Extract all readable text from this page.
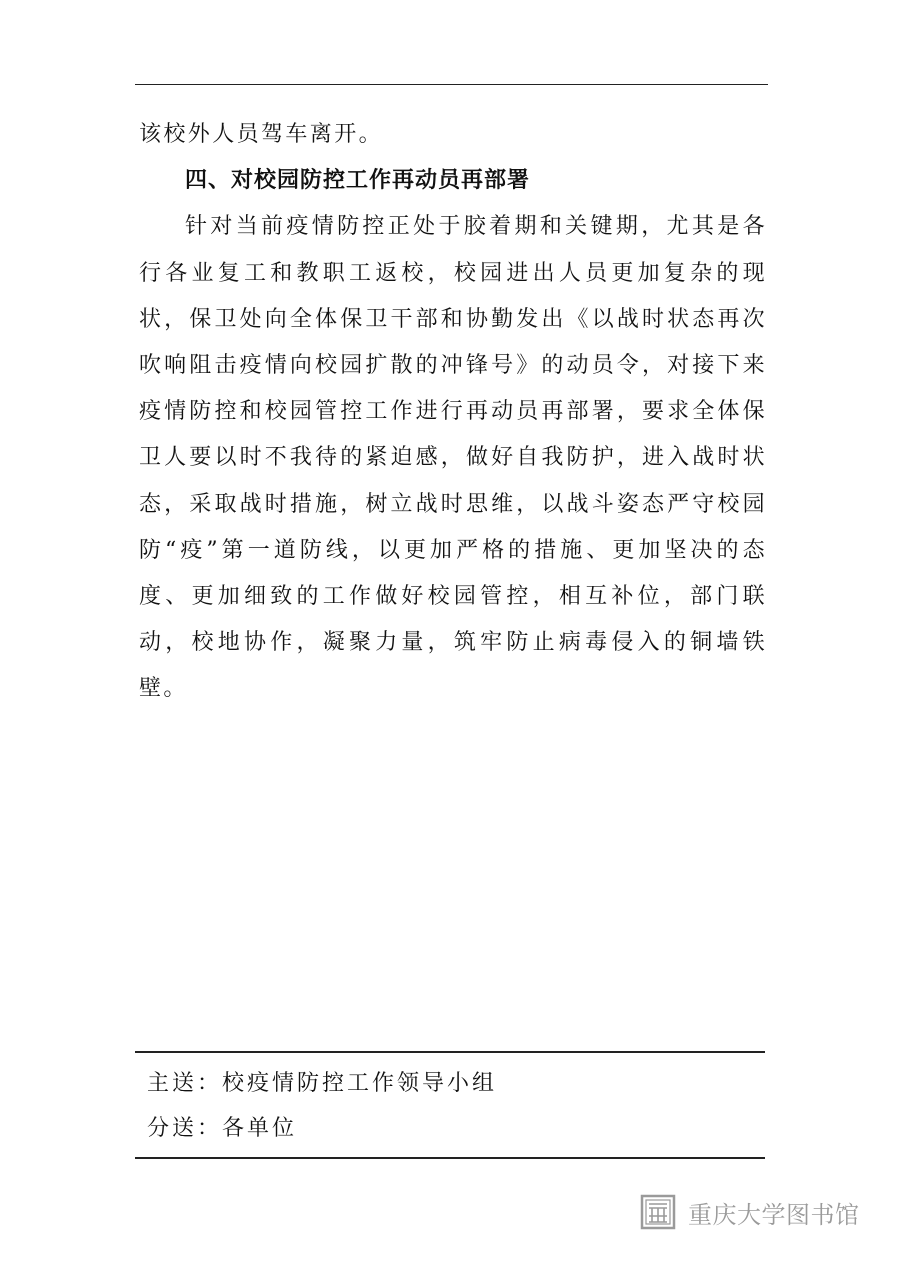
该校外人员驾车离开。

四、对校园防控工作再动员再部署

针对当前疫情防控正处于胶着期和关键期，尤其是各行各业复工和教职工返校，校园进出人员更加复杂的现状，保卫处向全体保卫干部和协勤发出《以战时状态再次吹响阻击疫情向校园扩散的冲锋号》的动员令，对接下来疫情防控和校园管控工作进行再动员再部署，要求全体保卫人要以时不我待的紧迫感，做好自我防护，进入战时状态，采取战时措施，树立战时思维，以战斗姿态严守校园防“疫”第一道防线，以更加严格的措施、更加坚决的态度、更加细致的工作做好校园管控，相互补位，部门联动，校地协作，凝聚力量，筑牢防止病毒侵入的铜墙铁壁。

主送：校疫情防控工作领导小组

分送：各单位

重庆大学图书馆
